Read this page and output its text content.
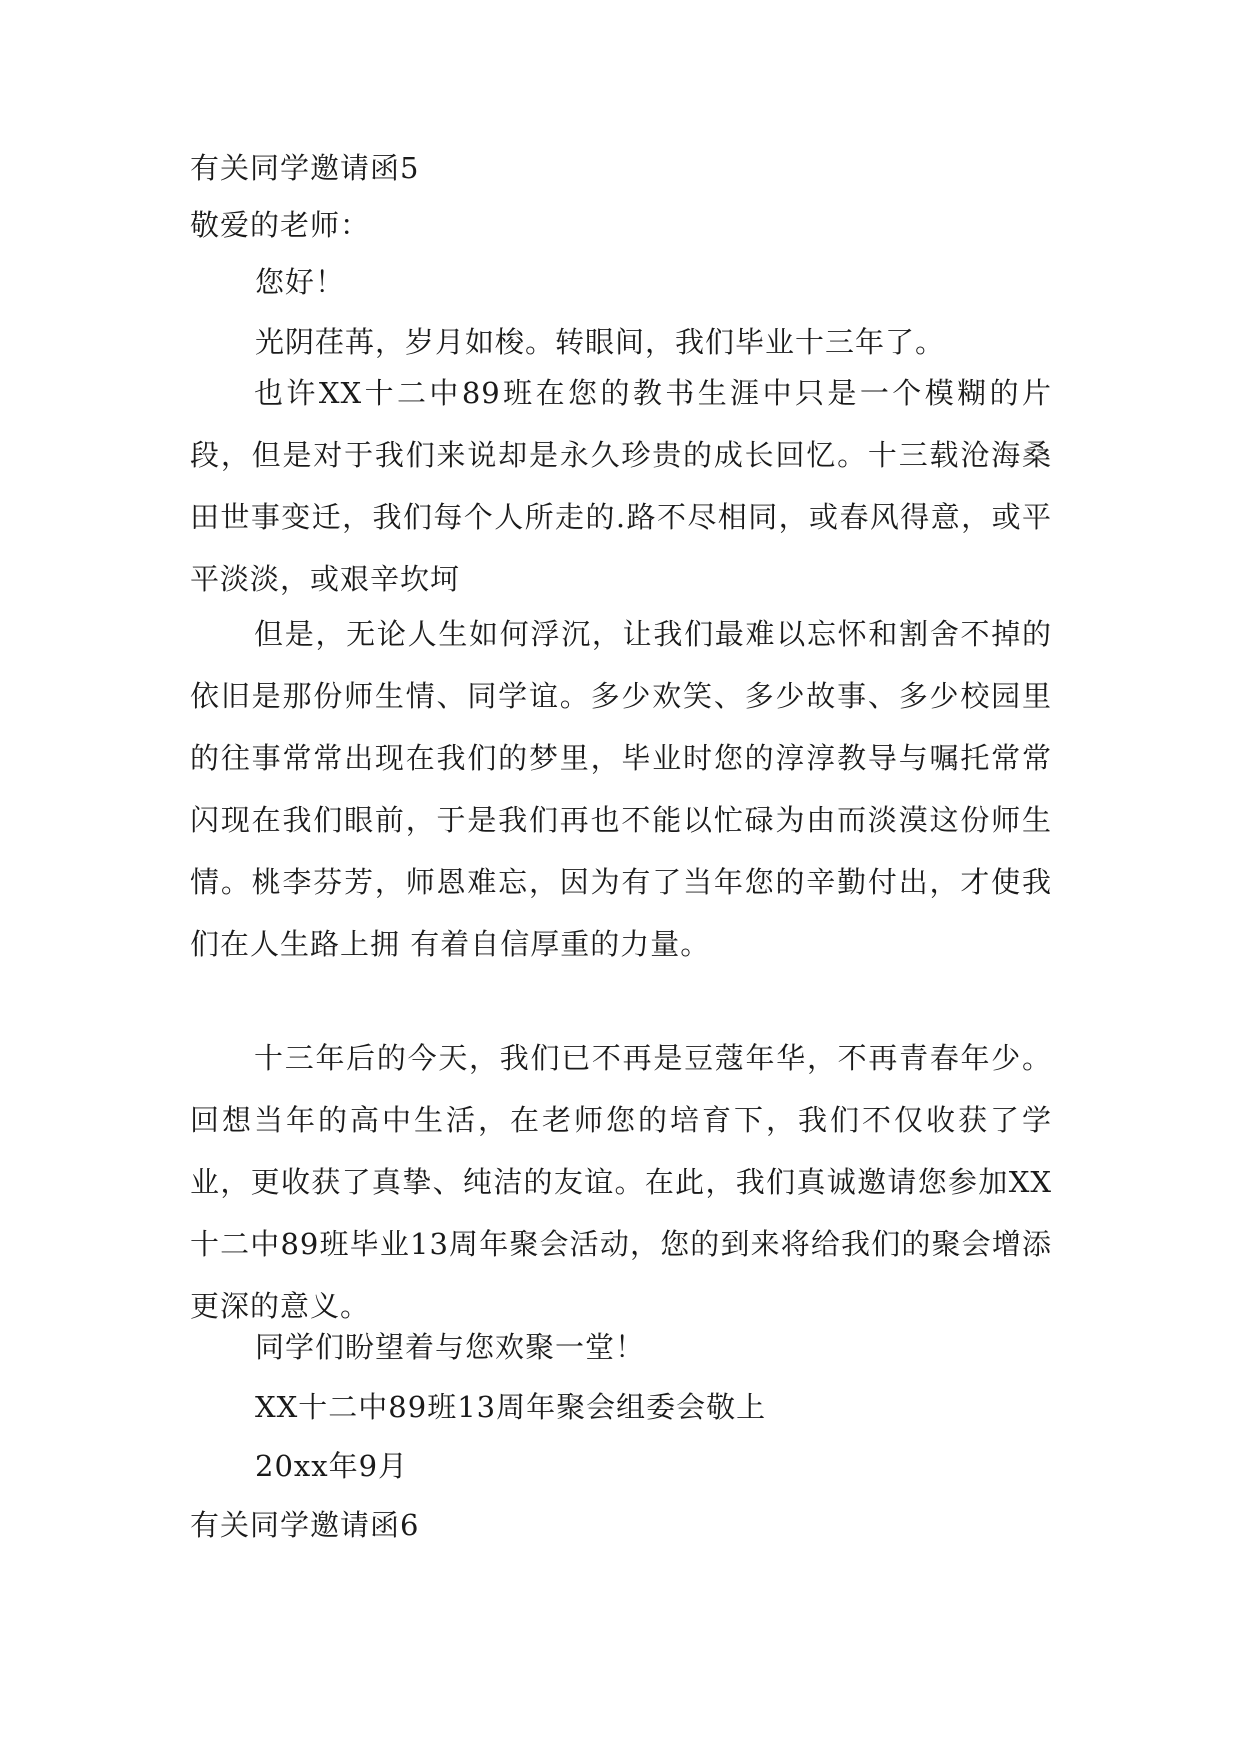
有关同学邀请函5
敬爱的老师：
您好！
光阴荏苒，岁月如梭。转眼间，我们毕业十三年了。

也许XX十二中89班在您的教书生涯中只是一个模糊的片段，但是对于我们来说却是永久珍贵的成长回忆。十三载沧海桑田世事变迁，我们每个人所走的.路不尽相同，或春风得意，或平平淡淡，或艰辛坎坷

但是，无论人生如何浮沉，让我们最难以忘怀和割舍不掉的依旧是那份师生情、同学谊。多少欢笑、多少故事、多少校园里的往事常常出现在我们的梦里，毕业时您的淳淳教导与嘱托常常闪现在我们眼前，于是我们再也不能以忙碌为由而淡漠这份师生情。桃李芬芳，师恩难忘，因为有了当年您的辛勤付出，才使我们在人生路上拥 有着自信厚重的力量。

十三年后的今天，我们已不再是豆蔻年华，不再青春年少。回想当年的高中生活，在老师您的培育下，我们不仅收获了学业，更收获了真挚、纯洁的友谊。在此，我们真诚邀请您参加XX十二中89班毕业13周年聚会活动，您的到来将给我们的聚会增添更深的意义。

同学们盼望着与您欢聚一堂！
XX十二中89班13周年聚会组委会敬上
20xx年9月
有关同学邀请函6
